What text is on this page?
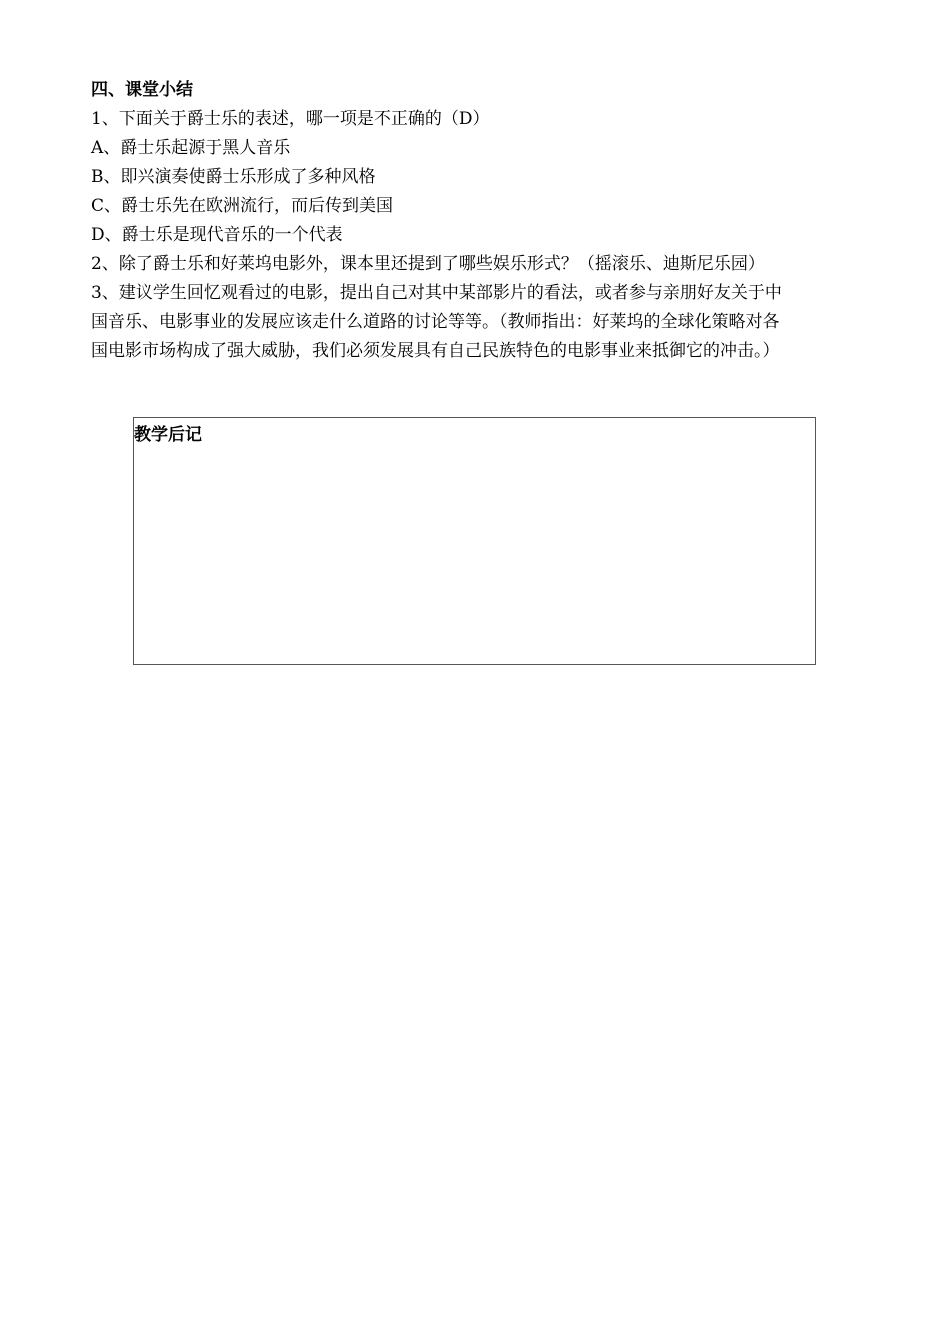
四、课堂小结
1、下面关于爵士乐的表述，哪一项是不正确的（D）
A、爵士乐起源于黑人音乐
B、即兴演奏使爵士乐形成了多种风格
C、爵士乐先在欧洲流行，而后传到美国
D、爵士乐是现代音乐的一个代表
2、除了爵士乐和好莱坞电影外，课本里还提到了哪些娱乐形式？（摇滚乐、迪斯尼乐园）
3、建议学生回忆观看过的电影，提出自己对其中某部影片的看法，或者参与亲朋好友关于中
国音乐、电影事业的发展应该走什么道路的讨论等等。（教师指出：好莱坞的全球化策略对各
国电影市场构成了强大威胁，我们必须发展具有自己民族特色的电影事业来抵御它的冲击。）
教学后记
